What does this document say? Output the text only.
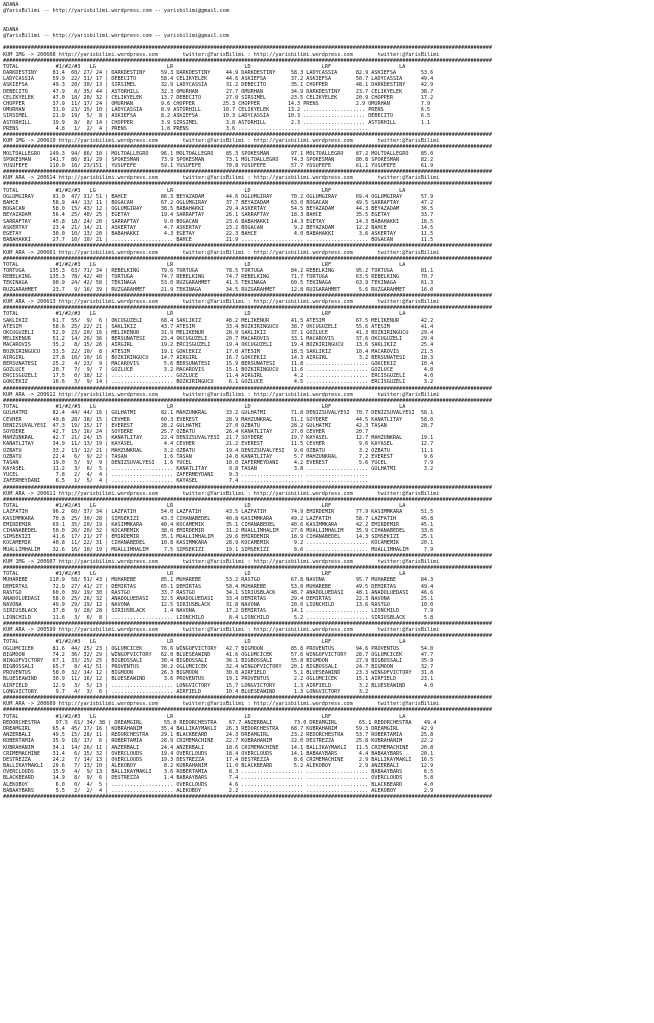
ADANA
@YarisBilimi -- http://yarisbilimi.wordpress.com -- yarisbilimi@gmail.com

ADANA
@YarisBilimi -- http://yarisbilimi.wordpress.com -- yarisbilimi@gmail.com

##############################################################################################################################################################
KUM 1MG -> 200608 http://yarisbilimi.wordpress.com        twitter:@YarisBilimi : http://yarisbilimi.wordpress.com        twitter:@YarisBilimi
##############################################################################################################################################################
TOTAL            #1/#2/#3   LG                       LR                       LD                       LRF                      LA
DARKDESTINY     81.4  60/ 27/ 24 | DARKDESTINY     59.3 DARKDESTINY     44.9 DARKDESTINY     58.3 LADYCASSIA      82.9 ASKIEFSA        53.6
LADYCASSIA      59.9  22/ 31/ 17 | DEBECITO        58.4 CELIKYELEK      44.6 ASKIEFSA        37.2 ASKIEFSA        50.7 LADYCASSIA      49.4
ASKIEFSA        49.3  20/ 30/ 13 | SIRSIMEL        32.9 LADYCASSIA      31.2 DEBECITO        35.1 CHOPPER         48.1 DARKDESTINY     42.9
DEBECITO        47.9   8/ 35/ 44 | ASTORHILL       32.3 OMURHAN         27.7 OMURHAN         34.9 DARKDESTINY     23.7 CELIKYELEK      38.7
CELIKYELEK      47.0  18/ 20/ 32 | CELIKYELEK      13.7 DEBECITO        27.0 SIRSIMEL        23.5 CELIKYELEK      20.9 CHOPPER         17.2
CHOPPER         37.9  11/ 17/ 24 | OMURHAN         9.6 CHOPPER         25.3 CHOPPER         14.3 PRENS            2.9 OMURHAN          7.9
OMURHAN         31.0  23/ 15/ 10 | LADYCASSIA      8.9 ASTORHILL       10.7 CELIKYELEK      13.2 .................... PRENS            6.5
SIRSIMEL        21.9  19/  5/  8 | ASKIEFSA        8.2 ASKIEFSA        10.3 LADYCASSIA      10.3 .................... DEBECITO         6.5
ASTORHILL       19.9   8/  8/ 14 | CHOPPER         3.9 SIRSIMEL         3.8 ASTORHILL        2.3 .................... ASTORHILL        1.1
PRENS            4.8   1/  2/  4 | PRENS           1.8 PRENS            3.6 ....................  ....................
##############################################################################################################################################################
KUM 1MG -> 200610 http://yarisbilimi.wordpress.com        twitter:@YarisBilimi : http://yarisbilimi.wordpress.com        twitter:@YarisBilimi
##############################################################################################################################################################
MOLTOALLEGRO   149.3  94/ 86/ 10 | MOLTOALLEGRO    96.1 MOLTOALLEGRO    85.3 SPOKESMAN       97.1 MOLTOALLEGRO    87.2 MOLTOALLEGRO    85.0
SPOKESMAN      141.7  80/ 81/ 29 | SPOKESMAN       73.9 SPOKESMAN       73.1 MOLTOALLEGRO    74.3 SPOKESMAN       80.8 SPOKESMAN       82.2
YUSUFEFE       110.0  16/ 23/151 | YUSUFEFE        59.1 YUSUFEFE        70.8 YUSUFEFE        57.7 YUSUFEFE        61.1 YUSUFEFE        61.9
##############################################################################################################################################################
KUM ARA -> 200614 http://yarisbilimi.wordpress.com        twitter:@YarisBilimi : http://yarisbilimi.wordpress.com        twitter:@YarisBilimi
##############################################################################################################################################################
TOTAL            #1/#2/#3   LG                       LR                       LD                       LRF                      LA
OGLUMGIRAY      91.0  47/ 31/ 51 | BAHCE           86.3 BEYAZADAM       44.6 OGLUMGIRAY      70.2 OGLUMGIRAY      69.4 OGLUMGIRAY      57.9
BAHCE           58.9  44/ 13/ 11 | BOGACAN         67.2 OGLUMGIRAY      37.7 BEYAZADAM       63.0 BOGACAN         49.5 SARRAFTAY       47.2
BOGACAN         58.0  15/ 43/ 12 | OGLUMGIRAY      38.5 BABAHAKKI       29.4 ASKERTAY        54.5 BEYAZADAM       44.3 BEYAZADAM       36.5
BEYAZADAM       56.4  25/ 40/ 25 | EGETAY          19.4 SARRAFTAY       26.1 SARRAFTAY       18.3 BAHCE           35.5 EGETAY          33.7
SARRAFTAY       45.8  18/ 24/ 20 | SARRAFTAY        9.0 BOGACAN         23.6 BABAHAKKI       14.3 EGETAY          14.3 BABAHAKKI       16.5
ASKERTAY        23.4  21/ 14/ 21 | ASKERTAY         4.7 ASKERTAY        23.2 BOGACAN          9.2 BEYAZADAM       12.2 BAHCE           14.5
EGETAY          30.0  10/ 13/ 20 | BABAHAKKI        4.3 EGETAY          22.3 BAHCE            4.0 BABAHAKKI        3.6 ASKERTAY        11.5
BABAHAKKI       27.7  10/ 10/ 21 | .................... BAHCE           21.9 .................... .................... BOGACAN         11.5
##############################################################################################################################################################
KUM ARA -> 200601 http://yarisbilimi.wordpress.com        twitter:@YarisBilimi : http://yarisbilimi.wordpress.com        twitter:@YarisBilimi
##############################################################################################################################################################
TOTAL            #1/#2/#3   LG                       LR                       LD                       LRF                      LA
TORTUGA        135.3  63/ 71/ 34 | REBELKING       79.6 TORTUGA         78.5 TORTUGA         84.2 REBELKING       95.2 TORTUGA         81.1
REBELKING      135.3  78/ 42/ 40 | TORTUGA         74.7 REBELKING       74.7 REBELKING       71.7 TORTUGA         63.5 REBELKING       70.7
TEKINAGA        90.9  24/ 42/ 58 | TEKINAGA        53.0 RUZGARAHMET     41.5 TEKINAGA        60.5 TEKINAGA        63.9 TEKINAGA        61.3
RUZGARAHMET     23.7   9/ 16/ 39 | RUZGARAHMET     21.9 TEKINAGA        34.5 RUZGARAHMET     12.8 RUZGARAHMET      5.6 RUZGARAHMET     16.0
##############################################################################################################################################################
KUM ARA -> 200613 http://yarisbilimi.wordpress.com        twitter:@YarisBilimi : http://yarisbilimi.wordpress.com        twitter:@YarisBilimi
##############################################################################################################################################################
TOTAL            #1/#2/#3   LG                       LR                       LD                       LRF                      LA
SAKLIKIZ        61.7  55/  9/  6 | OKCUGUZELI      68.4 SAKLIKIZ        48.2 MELIKENUR       41.5 ATESIM          67.5 MELIKENUR       42.2
ATESIM          58.6  25/ 22/ 21 | SAKLIKIZ        43.7 ATESIM          33.4 BOZKIRINGUCU    38.7 OKCUGUZELI      55.6 ATESIM          41.4
OKCUGUZELI      52.9  23/ 20/ 16 | MELIKENUR       31.9 MELIKENUR       28.9 SAKLIKIZ        37.1 GOZLUCE         41.3 BOZKIRINGUCU    29.4
MELIKENUR       51.2  14/ 26/ 36 | BERSUNATESI     23.4 OKCUGUZELI      20.7 MACAROVIS       33.1 MACAROVIS       37.6 OKCUGUZELI      29.4
MACAROVIS       35.2   8/ 15/ 26 | AIRGIRL         19.2 ERCISGUZELI     19.4 OKCUGUZELI      19.4 BOZKIRINGUCU    13.6 SAKLIKIZ        25.4
BOZKIRINGUCU    33.5  22/ 10/  8 | ATESIM          19.1 GOKCEKIZ        17.0 ATESIM          18.5 SAKLIKIZ        10.4 MACAROVIS       21.5
AIRGIRL         27.8  10/ 10/ 16 | BOZKIRINGUCU    14.7 AIRGIRL         16.7 GOKCEKIZ        14.3 AIRGIRL          3.2 BERSUNATESI     18.3
BERSUNATESI     25.2   4/ 23/  9 | MACAROVIS        5.6 BERSUNATESI     15.9 BERSUNATESI     11.8 .................... GOKCEKIZ        10.4
GOZLUCE         20.7   7/  9/  7 | GOZLUCE          3.2 MACAROVIS       15.1 BOZKIRINGUCU    11.6 .................... GOZLUCE          4.0
ERCISGUZELI     17.5   0/ 18/ 12 | .................... GOZLUCE         11.4 AIRGIRL          4.2 .................... ERCISGUZELI      4.0
GOKCEKIZ        16.6   3/  9/ 14 | .................... BOZKIRINGUCU     6.1 GOZLUCE          4.5 .................... ERCISGUZELI      3.2
##############################################################################################################################################################
KUM ARA -> 200612 http://yarisbilimi.wordpress.com        twitter:@YarisBilimi : http://yarisbilimi.wordpress.com        twitter:@YarisBilimi
##############################################################################################################################################################
TOTAL            #1/#2/#3   LG                       LR                       LD                       LRF                      LA
GULHATMI        82.4  44/ 44/ 16 | GULHATMI        82.1 MAHZUNKRAL      33.2 GULHATMI        71.8 DENIZSUVALYESI  70.7 DENIZSUVALYESI  58.1
CEVHER          49.8  28/ 18/ 15 | CEVHER          60.3 EVEREST         28.9 MAHZUNKRAL      51.1 SOYDERE         44.5 KANATLITAY      58.0
DENIZSUVALYESI  47.3  19/ 15/ 17 | EVEREST         28.2 GULHATMI        27.0 OZBATU          28.2 GULHATMI        42.3 TASAN           28.7
SOYDERE         42.7  15/ 16/ 24 | SOYDERE         25.7 OZBATU          26.4 KANATLITAY      27.0 CEVHER          20.7
MAHZUNKRAL      42.7  21/ 24/ 15 | KANATLITAY      22.4 DENIZSUVALYESI  21.7 SOYDERE         19.7 KAYASEL         12.7 MAHZUNKRAL      19.1
KANATLITAY      34.9  11/ 13/ 19 | KAYASEL          4.4 CEVHER          21.2 EVEREST         11.5 CEVHER           9.6 KAYASEL         12.7
OZBATU          33.2  13/ 12/ 21 | MAHZUNKRAL       3.2 OZBATU          19.4 DENIZSUVALYESI   9.0 OZBATU           3.2 OZBATU          11.1
OZBATU          22.4   6/  9/ 22 | TASAN            1.6 TASAN           14.0 KANATLITAY       5.7 MAHZUNKRAL       7.2 EVEREST          9.6
TASAN           19.0   5/  9/  9 | DENIZSUVALYESI   1.6 YUCEL           10.0 ZAFERMEYDANI     4.2 EVEREST          5.6 YUCEL            7.9
KAYASEL         11.2   3/  6/  5 | .................... KANATLITAY       9.8 TASAN            3.8 .................... GULHATMI         3.2
YUCEL            7.8   2/  4/  4 | .................... ZAFERMEYDANI     9.3 .................... ....................
ZAFERMEYDANI     6.5   1/  5/  4 | .................... KAYASEL          7.4 .................... ....................
##############################################################################################################################################################
KUM ARA -> 200611 http://yarisbilimi.wordpress.com        twitter:@YarisBilimi : http://yarisbilimi.wordpress.com        twitter:@YarisBilimi
##############################################################################################################################################################
TOTAL            #1/#2/#3   LG                       LR                       LD                       LRF                      LA
LAZFATIH        96.2  60/ 37/ 34 | LAZFATIH        54.0 LAZFATIH        43.5 LAZFATIH        74.9 EMIRDEMIR       77.9 KASIMMKARA      51.5
KASIMMKARA      70.8  25/ 30/ 28 | SIMSEKIZI       43.3 CIHANABEDEL     40.8 KASIMMKARA      49.2 LAZFATIH        58.7 LAZFATIH        45.8
EMIRDEMIR       69.1  35/ 20/ 19 | KASIMMKARA      40.4 KOCAMEMIK       35.1 CIHANABEDEL     40.6 KASIMMKARA      42.2 EMIRDEMIR       45.1
CIHANABEDEL     50.0  26/ 20/ 32 | KOCAMEMIK       38.0 EMIRDEMIR       31.2 MUALLIMHALIM    27.6 MUALLIMHALIM    35.9 CIHANABEDEL     33.6
SIMSEKIZI       41.6  17/ 21/ 27 | EMIRDEMIR       35.1 MUALLIMHALIM    29.6 EMIRDEMIR       18.9 CIHANABEDEL     14.3 SIMSEKIZI       25.1
KOCAMEMIK       40.8  11/ 22/ 31 | CIHANABEDEL     10.8 KASIMMKARA      28.9 KOCAMEMIK        9.2 .................... KOCAMEMIK       20.1
MUALLIMHALIM    32.6  16/ 10/ 19 | MUALLIMHALIM     7.5 SIMSEKIZI       19.1 SIMSEKIZI        8.6 .................... MUALLIMHALIM     7.9
##############################################################################################################################################################
KUM 1MG -> 200607 http://yarisbilimi.wordpress.com        twitter:@YarisBilimi : http://yarisbilimi.wordpress.com        twitter:@YarisBilimi
##############################################################################################################################################################
TOTAL            #1/#2/#3   LG                       LR                       LD                       LRF                      LA
MUHAREBE       110.9  58/ 51/ 43 | MUHAREBE        85.1 MUHAREBE        53.2 RASTGO          67.8 NAVONA          95.7 MUHAREBE        84.3
DEMIRTAS        72.9  27/ 41/ 27 | DEMIRTAS        65.1 DEMIRTAS        50.4 MUHAREBE        53.0 MUHAREBE        49.5 DEMIRTAS        49.4
RASTGO          60.0  39/ 19/ 30 | RASTGO          33.7 RASTGO          34.1 SIRIUSBLACK     48.7 ANADOLUEDASI    48.1 ANADOLUEDASI    46.6
ANADOLUEDASI    58.0  25/ 26/ 32 | ANADOLUEDASI    32.5 ANADOLUEDASI    33.4 DEMIRTAS        29.4 DEMIRTAS        22.3 NAVONA          25.1
NAVONA          49.9  29/ 19/ 12 | NAVONA          12.5 SIRIUSBLACK     31.8 NAVONA          20.0 LIONCHILD       13.6 RASTGO          10.0
SIRIUSBLACK     37.8   9/ 28/ 28 | SIRIUSBLACK      1.4 NAVONA          17.2 DEMIRTAS        14.1 .................... LIONCHILD        7.9
LIONCHILD       11.6   3/  6/  8 | .................... LIONCHILD        8.4 LIONCHILD        5.2 .................... SIRIUSBLACK      5.8
##############################################################################################################################################################
KUM ARA -> 200599 http://yarisbilimi.wordpress.com        twitter:@YarisBilimi : http://yarisbilimi.wordpress.com        twitter:@YarisBilimi
##############################################################################################################################################################
TOTAL            #1/#2/#3   LG                       LR                       LD                       LRF                      LA
OGLUMCICEK      81.6  44/ 25/ 23 | OGLUMCICEK      76.6 WINGOFVICTORY   42.7 BIGMOON         85.8 PROVENTUS       94.6 PROVENTUS       54.0
BIGMOON         74.2  36/ 32/ 29 | WINGOFVICTORY   62.0 BLUESEAWIND     41.6 OGLUMCICEK      57.6 WINGOFVICTORY   28.7 OGLUMCICEK      47.7
WINGOFVICTORY   67.1  33/ 25/ 25 | BIGBOSSALI      30.4 BIGBOSSALI      36.1 BIGBOSSALI      55.8 BIGMOON         27.9 BIGBOSSALI      35.9
BIGBOSSALI      65.7   8/ 41/ 51 | PROVENTUS       30.2 OGLUMCICEK      32.4 WINGOFVICTORY   20.1 BIGBOSSALI      24.7 BIGMOON         32.7
PROVENTUS       58.0  32/ 14/ 12 | BIGMOON         26.3 BIGMOON         30.8 AIRFIELD         5.1 BLUESEAWIND     23.3 WINGOFVICTORY   31.8
BLUESEAWIND     30.9  11/ 16/ 12 | BLUESEAWIND      3.6 PROVENTUS       19.1 PROVENTUS        2.2 OGLUMCICEK      15.1 AIRFIELD        23.1
AIRFIELD        12.9   3/  5/ 13 | .................... LONGVICTORY     15.7 LONGVICTORY      1.3 AIRFIELD         3.2 BLUESEAWIND      4.0
LONGVICTORY      9.7   4/  3/  6 | .................... AIRFIELD        10.4 BLUESEAWIND      1.3 LONGVICTORY      3.2
##############################################################################################################################################################
KUM ARA -> 200609 http://yarisbilimi.wordpress.com        twitter:@YarisBilimi : http://yarisbilimi.wordpress.com        twitter:@YarisBilimi
##############################################################################################################################################################
TOTAL            #1/#2/#3   LG                       LR                       LD                       LRF                      LA
REDORCHESTRA     97.5  61/ 34/ 38 | DREAMGIRL       55.0 REDORCHESTRA    67.7 ANZERBALI       73.0 DREAMGIRL       65.1 REDORCHESTRA    49.4
DREAMGIRL       65.4  45/ 17/ 16 | KUBRAHANIM      35.4 BALLIKAYMAKLI   26.3 REDORCHESTRA    68.7 KUBRAHANIM      59.3 DREAMGIRL       42.9
ANZERBALI       49.5  15/ 28/ 11 | REDORCHESTRA    29.1 BLACKBEARD      24.3 DREAMGIRL       23.2 REDORCHESTRA    53.7 ROBERTAMIA      25.8
ROBERTAMIA      35.9  18/ 17/  6 | ROBERTAMIA      28.9 CRIMEMACHINE    22.7 KUBRAHANIM      22.0 DESTREZZA       25.8 KUBRAHANIM      22.2
KUBRAHANIM      34.1  14/ 26/ 11 | ANZERBALI       24.4 ANZERBALI       18.6 CRIMEMACHINE    14.1 BALLIKAYMAKLI   11.5 CRIMEMACHINE    20.8
CRIMEMACHINE    31.4   6/ 15/ 32 | OVERCLOUDS      19.4 OVERCLOUDS      18.4 OVERCLOUDS      14.1 BABAAYBARS       4.4 BABAAYBARS      20.1
DESTREZZA       24.2   7/ 14/ 13 | OVERCLOUDS      19.3 DESTREZZA       17.4 DESTREZZA        8.6 CRIMEMACHINE     2.9 BALLIKAYMAKLI   16.5
BALLIKAYMAKLI   20.6   7/ 13/ 10 | ALEKOBOY         8.2 KUBRAHANIM      11.0 BLACKBEARD       5.2 ALEKOBOY         2.9 ANZERBALI       12.9
OVERCLOUDS      15.9   4/  9/ 13 | BALLIKAYMAKLI    3.6 ROBERTAMIA       8.3 .................... .................... BABAAYBARS       6.5
BLACKBEARD      14.9   8/  9/  6 | DESTREZZA        1.4 BABAAYBARS       7.4 .................... .................... OVERCLOUDS       5.8
ALEKOBOY         6.0   0/  4/  5 | .................... OVERCLOUDS       4.6 .................... .................... BLACKBEARD       4.0
BABAAYBARS       5.5   2/  2/  4 | .................... ALEKOBOY         2.2 .................... .................... ALEKOBOY         2.9
##############################################################################################################################################################
